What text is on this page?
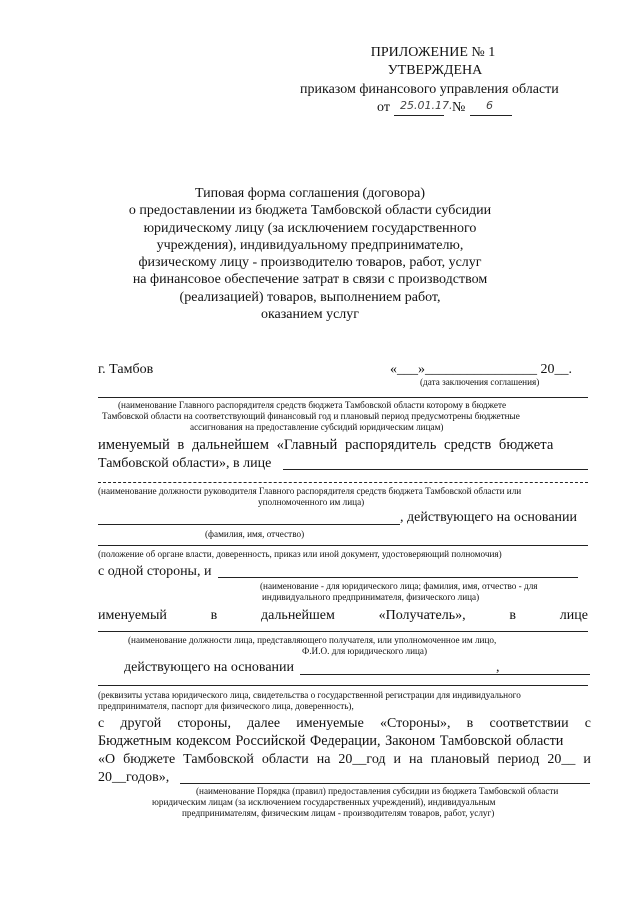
ПРИЛОЖЕНИЕ № 1
УТВЕРЖДЕНА
приказом финансового управления области
от 25.01.17. № 6
Типовая форма соглашения (договора)
о предоставлении из бюджета Тамбовской области субсидии
юридическому лицу (за исключением государственного
учреждения), индивидуальному предпринимателю,
физическому лицу - производителю товаров, работ, услуг
на финансовое обеспечение затрат в связи с производством
(реализацией) товаров, выполнением работ,
оказанием услуг
г. Тамбов	«___»________________ 20__.
(дата заключения соглашения)
(наименование Главного распорядителя средств бюджета Тамбовской области которому в бюджете
Тамбовской области на соответствующий финансовый год и плановый период предусмотрены бюджетные
ассигнования на предоставление субсидий юридическим лицам)
именуемый в дальнейшем «Главный распорядитель средств бюджета
Тамбовской области», в лице
(наименование должности руководителя Главного распорядителя средств бюджета Тамбовской области или
уполномоченного им лица)
, действующего на основании
(фамилия, имя, отчество)
(положение об органе власти, доверенность, приказ или иной документ, удостоверяющий полномочия)
с одной стороны, и
(наименование - для юридического лица; фамилия, имя, отчество - для
индивидуального предпринимателя, физического лица)
именуемый	в	дальнейшем	«Получатель»,	в	лице
(наименование должности лица, представляющего получателя, или уполномоченное им лицо,
Ф.И.О. для юридического лица)
действующего на основании	,
(реквизиты устава юридического лица, свидетельства о государственной регистрации для индивидуального
предпринимателя, паспорт для физического лица, доверенность),
с другой стороны, далее именуемые «Стороны», в соответствии с
Бюджетным кодексом Российской Федерации, Законом Тамбовской области
«О бюджете Тамбовской области на 20__год и на плановый период 20__ и
20__годов»,
(наименование Порядка (правил) предоставления субсидии из бюджета Тамбовской области
юридическим лицам (за исключением государственных учреждений), индивидуальным
предпринимателям, физическим лицам - производителям товаров, работ, услуг)
